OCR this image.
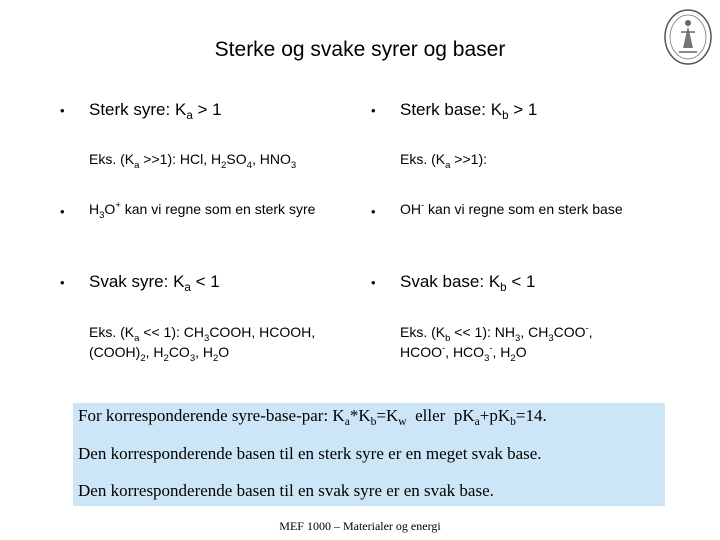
Sterke og svake syrer og baser
• Sterk syre: $K_a > 1$
Eks. $(K_a >>1)$: HCl, $H_2SO_4$, $HNO_3$
• $H_3O^+$ kan vi regne som en sterk syre
• Svak syre: $K_a < 1$
Eks. $(K_a << 1)$: $CH_3COOH$, HCOOH,
$(COOH)_2$, $H_2CO_3$, $H_2O$
• Sterk base: $K_b > 1$
Eks. $(K_a >>1)$:
• OH- kan vi regne som en sterk base
• Svak base: $K_b < 1$
Eks. $(K_b << 1)$: $NH_3$, $CH_3COO^-$,
HCOO-, $HCO_3^-$, $H_2O$
For korresponderende syre-base-par: $K_a*K_b=K_w$  eller  $pK_a+pK_b=14$.
Den korresponderende basen til en sterk syre er en meget svak base.
Den korresponderende basen til en svak syre er en svak base.
MEF 1000 – Materialer og energi
